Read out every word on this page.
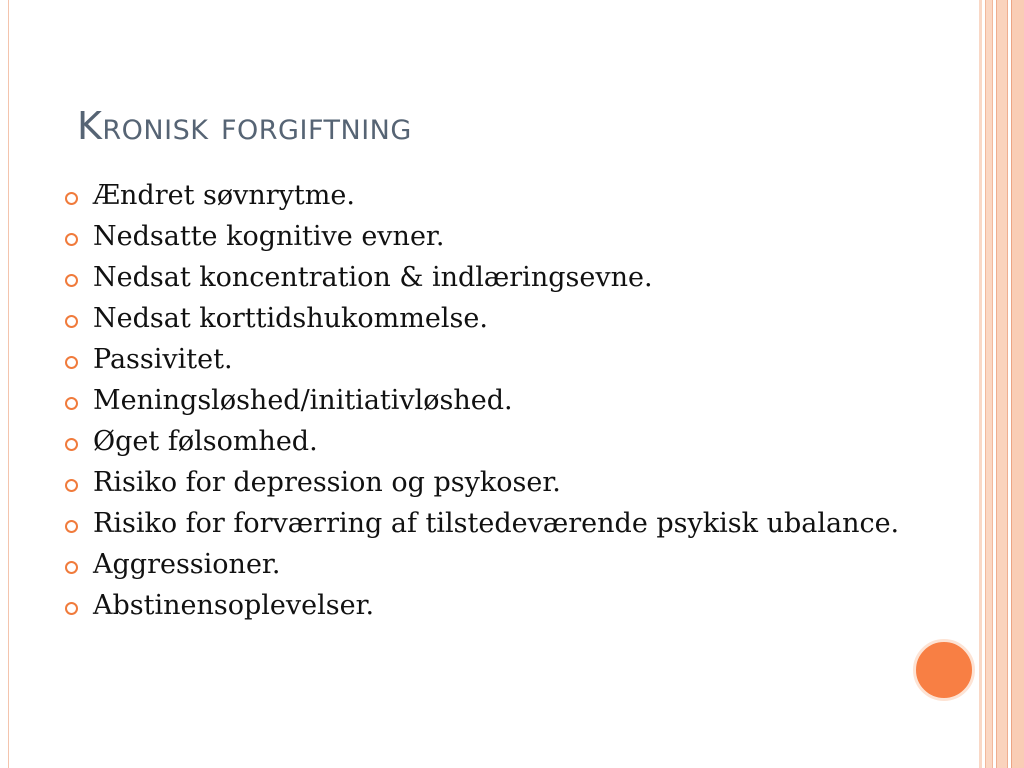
Kronisk forgiftning
Ændret søvnrytme.
Nedsatte kognitive evner.
Nedsat koncentration & indlæringsevne.
Nedsat korttidshukommelse.
Passivitet.
Meningsløshed/initiativløshed.
Øget følsomhed.
Risiko for depression og psykoser.
Risiko for forværring af tilstedeværende psykisk ubalance.
Aggressioner.
Abstinensoplevelser.
